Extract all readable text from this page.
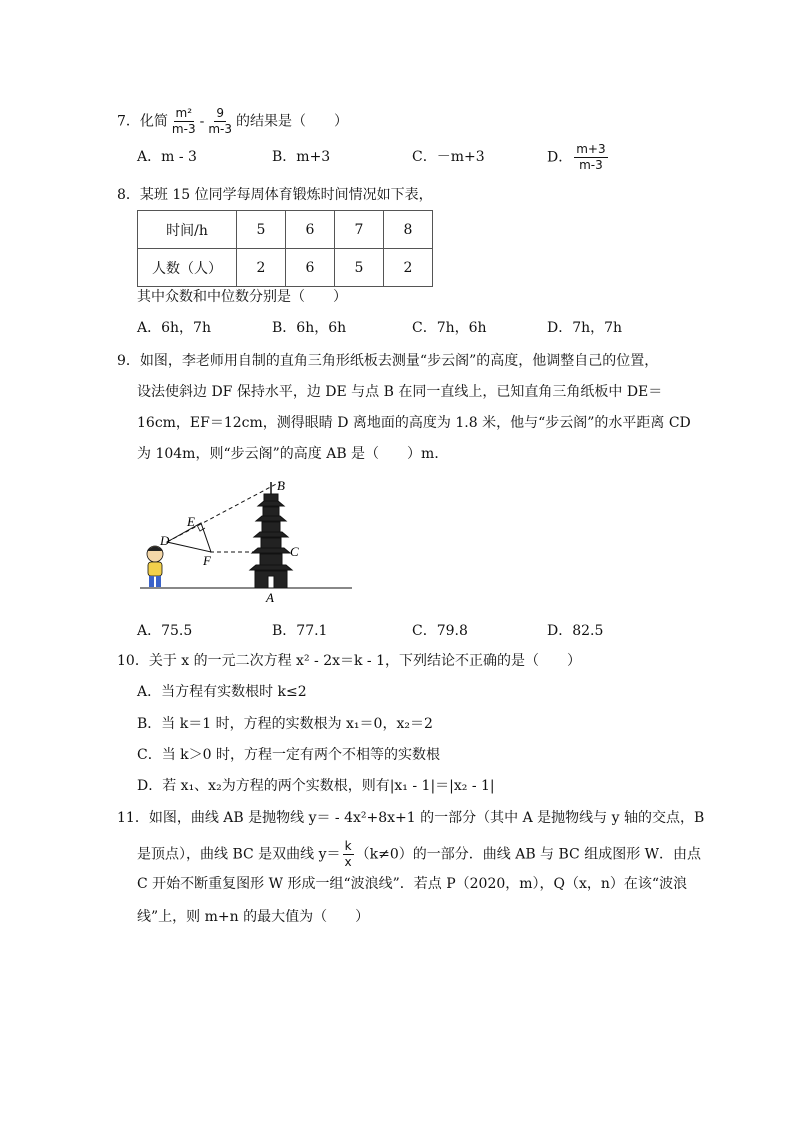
7．化简 $\frac{\text{m²}}{m-3} - \frac{9}{m-3}$ 的结果是（　　）
A．m - 3	B．m+3	C．－m+3	D． $\frac{m+3}{m-3}$
8．某班 15 位同学每周体育锻炼时间情况如下表，
时间/h	5	6	7	8
人数（人）	2	6	5	2
其中众数和中位数分别是（　　）
A．6h，7h	B．6h，6h	C．7h，6h	D．7h，7h
9．如图，李老师用自制的直角三角形纸板去测量“步云阁”的高度，他调整自己的位置，
设法使斜边 DF 保持水平，边 DE 与点 B 在同一直线上，已知直角三角纸板中 DE＝
16cm，EF＝12cm，测得眼睛 D 离地面的高度为 1.8 米，他与“步云阁”的水平距离 CD
为 104m，则“步云阁”的高度 AB 是（　　）m．
B
E
D
F
C
A
A．75.5	B．77.1	C．79.8	D．82.5
10．关于 x 的一元二次方程 x² - 2x＝k - 1，下列结论不正确的是（　　）
A．当方程有实数根时 k≤2
B．当 k＝1 时，方程的实数根为 x₁＝0，x₂＝2
C．当 k＞0 时，方程一定有两个不相等的实数根
D．若 x₁、x₂为方程的两个实数根，则有|x₁ - 1|＝|x₂ - 1|
11．如图，曲线 AB 是抛物线 y＝ - 4x²+8x+1 的一部分（其中 A 是抛物线与 y 轴的交点，B
是顶点），曲线 BC 是双曲线 $y= \frac{k}{x} (k\ne 0)$的一部分．曲线 AB 与 BC 组成图形 W．由点
C 开始不断重复图形 W 形成一组“波浪线”．若点 P（2020，m），Q（x，n）在该“波浪
线”上，则 m+n 的最大值为（　　）
